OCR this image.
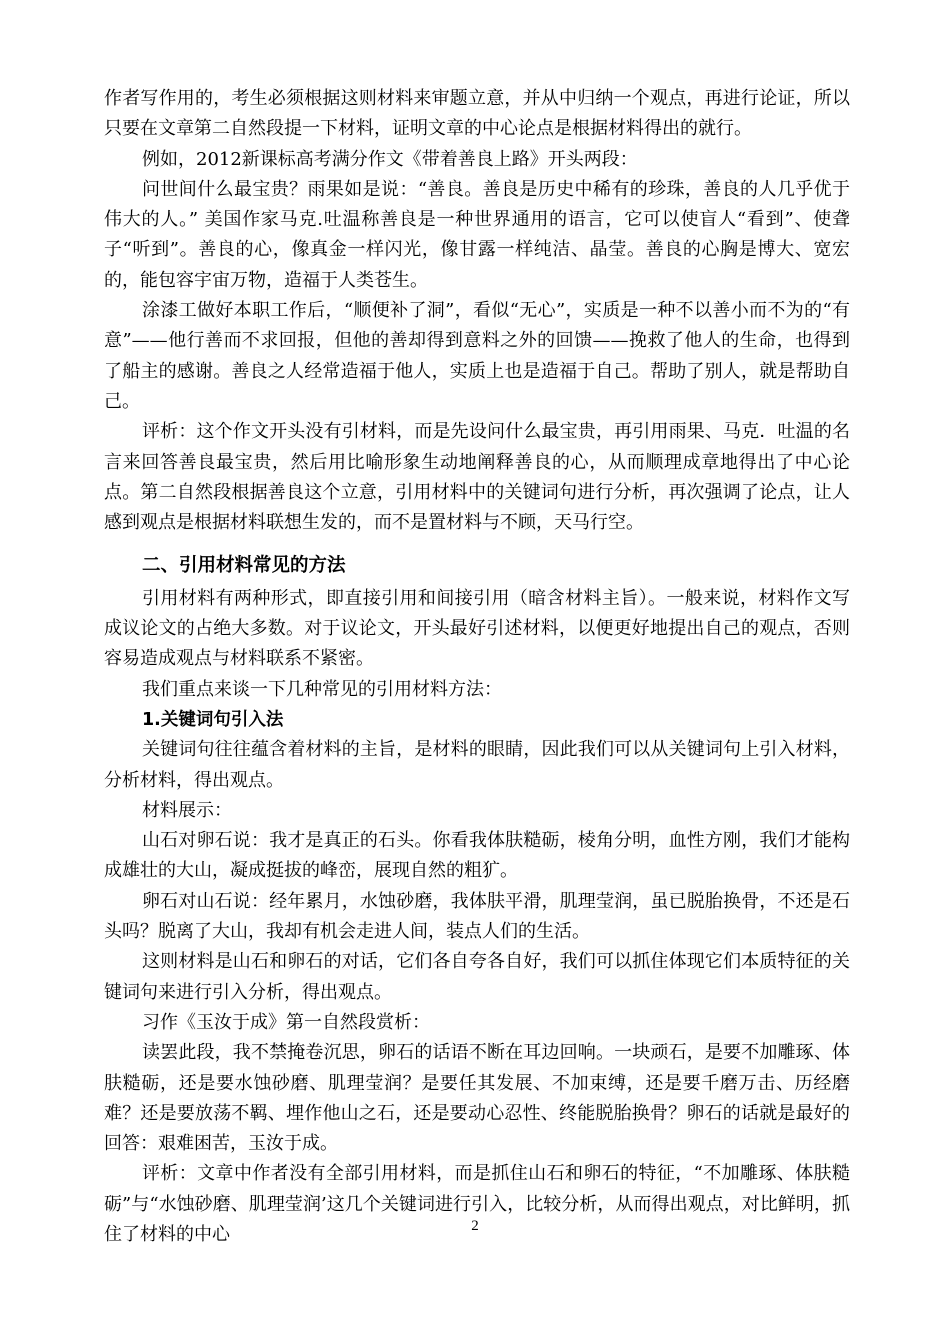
作者写作用的，考生必须根据这则材料来审题立意，并从中归纳一个观点，再进行论证，所以只要在文章第二自然段提一下材料，证明文章的中心论点是根据材料得出的就行。

例如，2012新课标高考满分作文《带着善良上路》开头两段：

问世间什么最宝贵？雨果如是说：“善良。善良是历史中稀有的珍珠，善良的人几乎优于伟大的人。” 美国作家马克.吐温称善良是一种世界通用的语言，它可以使盲人“看到”、使聋子“听到”。善良的心，像真金一样闪光，像甘露一样纯洁、晶莹。善良的心胸是博大、宽宏的，能包容宇宙万物，造福于人类苍生。

涂漆工做好本职工作后，“顺便补了洞”，看似“无心”，实质是一种不以善小而不为的“有意”——他行善而不求回报，但他的善却得到意料之外的回馈——挽救了他人的生命，也得到了船主的感谢。善良之人经常造福于他人，实质上也是造福于自己。帮助了别人，就是帮助自己。

评析：这个作文开头没有引材料，而是先设问什么最宝贵，再引用雨果、马克．吐温的名言来回答善良最宝贵，然后用比喻形象生动地阐释善良的心，从而顺理成章地得出了中心论点。第二自然段根据善良这个立意，引用材料中的关键词句进行分析，再次强调了论点，让人感到观点是根据材料联想生发的，而不是置材料与不顾，天马行空。

二、引用材料常见的方法

引用材料有两种形式，即直接引用和间接引用（暗含材料主旨）。一般来说，材料作文写成议论文的占绝大多数。对于议论文，开头最好引述材料，以便更好地提出自己的观点，否则容易造成观点与材料联系不紧密。

我们重点来谈一下几种常见的引用材料方法：

1.关键词句引入法

关键词句往往蕴含着材料的主旨，是材料的眼睛，因此我们可以从关键词句上引入材料，分析材料，得出观点。

材料展示：

山石对卵石说：我才是真正的石头。你看我体肤糙砺，棱角分明，血性方刚，我们才能构成雄壮的大山，凝成挺拔的峰峦，展现自然的粗犷。

卵石对山石说：经年累月，水蚀砂磨，我体肤平滑，肌理莹润，虽已脱胎换骨，不还是石头吗？脱离了大山，我却有机会走进人间，装点人们的生活。

这则材料是山石和卵石的对话，它们各自夸各自好，我们可以抓住体现它们本质特征的关键词句来进行引入分析，得出观点。

习作《玉汝于成》第一自然段赏析：

读罢此段，我不禁掩卷沉思，卵石的话语不断在耳边回响。一块顽石，是要不加雕琢、体肤糙砺，还是要水蚀砂磨、肌理莹润？是要任其发展、不加束缚，还是要千磨万击、历经磨难？还是要放荡不羁、埋作他山之石，还是要动心忍性、终能脱胎换骨？卵石的话就是最好的回答：艰难困苦，玉汝于成。

评析：文章中作者没有全部引用材料，而是抓住山石和卵石的特征，“不加雕琢、体肤糙砺”与“水蚀砂磨、肌理莹润’这几个关键词进行引入，比较分析，从而得出观点，对比鲜明，抓住了材料的中心	2
